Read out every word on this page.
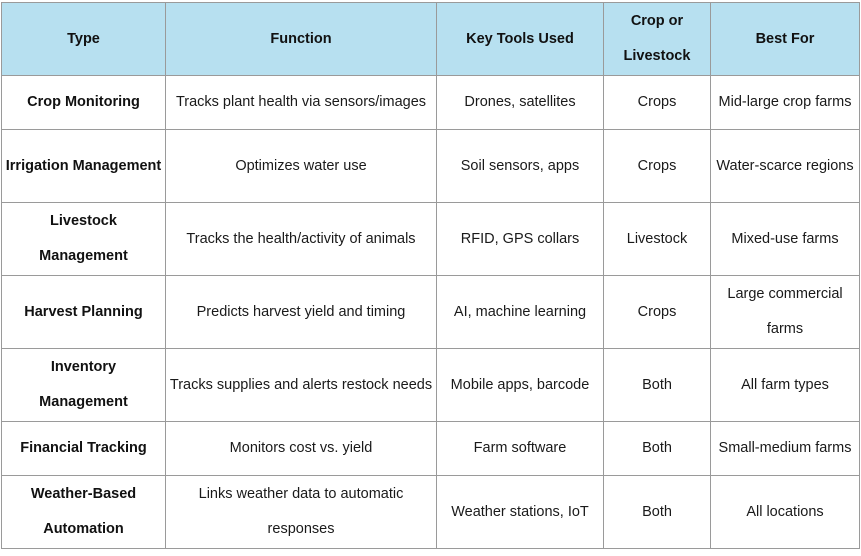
Type	Function	Key Tools Used	Crop or Livestock	Best For
Crop Monitoring	Tracks plant health via sensors/images	Drones, satellites	Crops	Mid-large crop farms
Irrigation Management	Optimizes water use	Soil sensors, apps	Crops	Water-scarce regions
Livestock Management	Tracks the health/activity of animals	RFID, GPS collars	Livestock	Mixed-use farms
Harvest Planning	Predicts harvest yield and timing	AI, machine learning	Crops	Large commercial farms
Inventory Management	Tracks supplies and alerts restock needs	Mobile apps, barcode	Both	All farm types
Financial Tracking	Monitors cost vs. yield	Farm software	Both	Small-medium farms
Weather-Based Automation	Links weather data to automatic responses	Weather stations, IoT	Both	All locations
